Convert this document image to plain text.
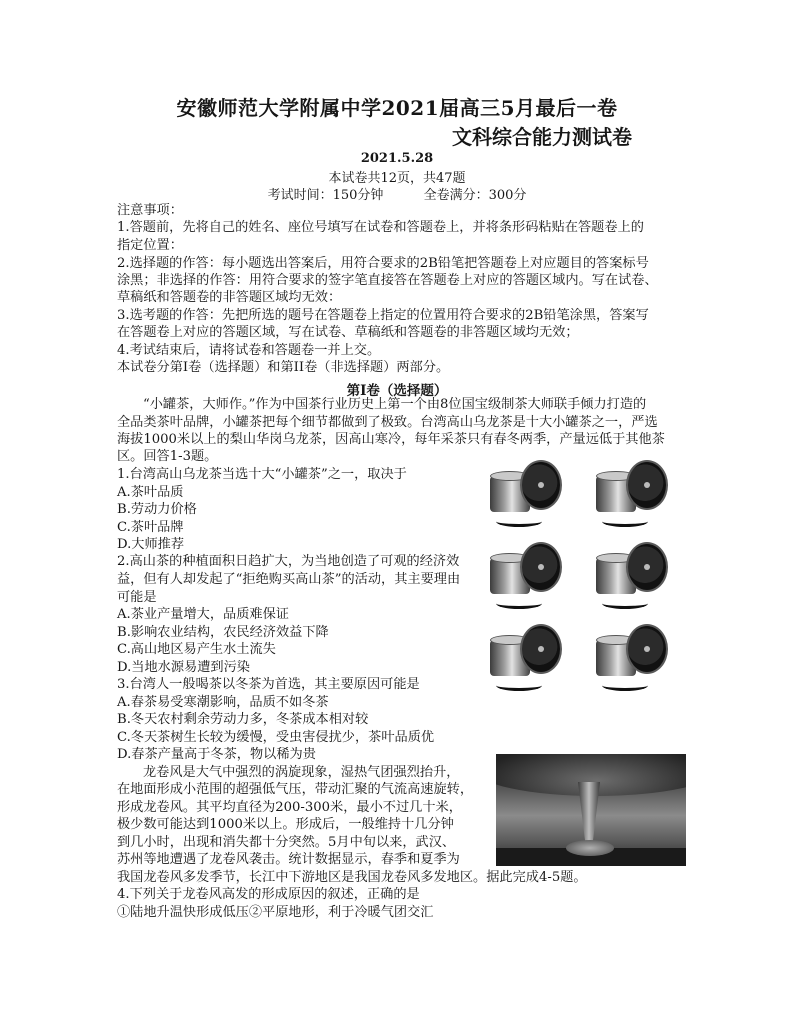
安徽师范大学附属中学2021届高三5月最后一卷
文科综合能力测试卷
2021.5.28
本试卷共12页，共47题
考试时间：150分钟	全卷满分：300分
注意事项：
1.答题前，先将自己的姓名、座位号填写在试卷和答题卷上，并将条形码粘贴在答题卷上的
指定位置：
2.选择题的作答：每小题选出答案后，用符合要求的2B铅笔把答题卷上对应题目的答案标号
涂黑；非选择的作答：用符合要求的签字笔直接答在答题卷上对应的答题区域内。写在试卷、
草稿纸和答题卷的非答题区域均无效：
3.选考题的作答：先把所选的题号在答题卷上指定的位置用符合要求的2B铅笔涂黑，答案写
在答题卷上对应的答题区域，写在试卷、草稿纸和答题卷的非答题区域均无效；
4.考试结束后，请将试卷和答题卷一并上交。
本试卷分第I卷（选择题）和第II卷（非选择题）两部分。
第I卷（选择题）
“小罐茶，大师作。”作为中国茶行业历史上第一个由8位国宝级制茶大师联手倾力打造的
全品类茶叶品牌，小罐茶把每个细节都做到了极致。台湾高山乌龙茶是十大小罐茶之一，严选
海拔1000米以上的梨山华岗乌龙茶，因高山寒冷，每年采茶只有春冬两季，产量远低于其他茶
区。回答1-3题。
1.台湾高山乌龙茶当选十大“小罐茶”之一，取决于
A.茶叶品质
B.劳动力价格
C.茶叶品牌
D.大师推荐
2.高山茶的种植面积日趋扩大，为当地创造了可观的经济效
益，但有人却发起了“拒绝购买高山茶”的活动，其主要理由
可能是
A.茶业产量增大，品质难保证
B.影响农业结构，农民经济效益下降
C.高山地区易产生水土流失
D.当地水源易遭到污染
3.台湾人一般喝茶以冬茶为首选，其主要原因可能是
A.春茶易受寒潮影响，品质不如冬茶
B.冬天农村剩余劳动力多，冬茶成本相对较
C.冬天茶树生长较为缓慢，受虫害侵扰少，茶叶品质优
D.春茶产量高于冬茶，物以稀为贵
龙卷风是大气中强烈的涡旋现象，湿热气团强烈抬升，
在地面形成小范围的超强低气压，带动汇聚的气流高速旋转，
形成龙卷风。其平均直径为200-300米，最小不过几十米，
极少数可能达到1000米以上。形成后，一般维持十几分钟
到几小时，出现和消失都十分突然。5月中旬以来，武汉、
苏州等地遭遇了龙卷风袭击。统计数据显示，春季和夏季为
我国龙卷风多发季节，长江中下游地区是我国龙卷风多发地区。据此完成4-5题。
4.下列关于龙卷风高发的形成原因的叙述，正确的是
①陆地升温快形成低压②平原地形，利于冷暖气团交汇
